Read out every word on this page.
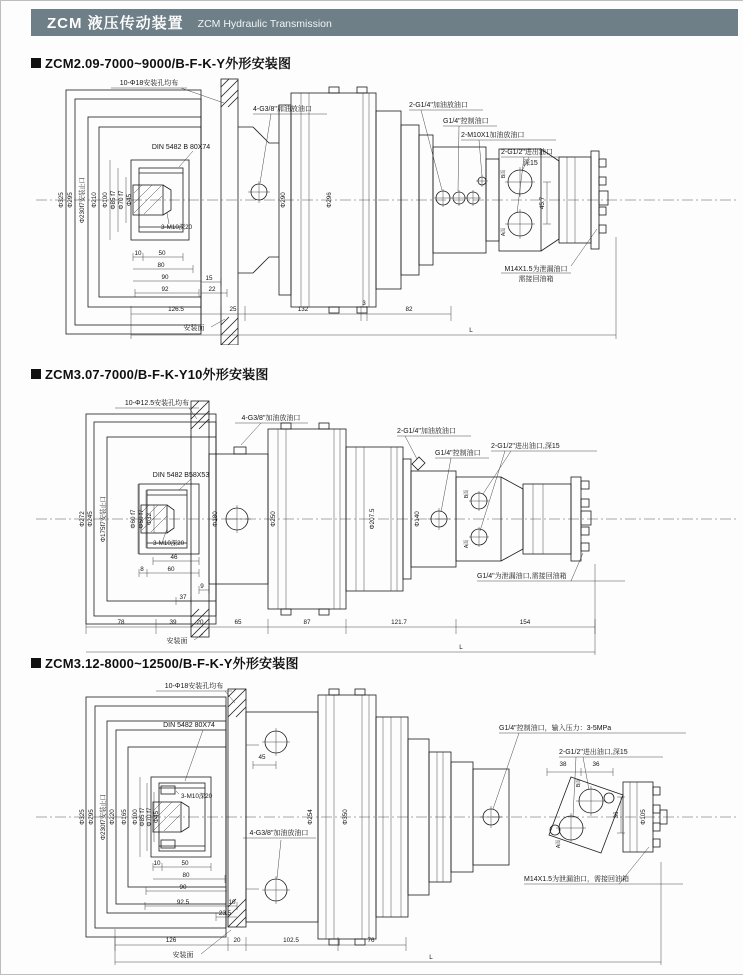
ZCM 液压传动装置 ZCM Hydraulic Transmission
ZCM2.09-7000~9000/B-F-K-Y外形安装图
Φ325 Φ295 Φ230f7安装止口 Φ210 Φ100 Φ85 f7 Φ70 f7 Φ45
DIN 5482 B 80X74
3-M10深20
10	50
80
90
92
15
22
10-Φ18安装孔均布
Φ290	Φ296
4-G3/8"加油放油口
2-G1/4"加油放油口
G1/4"控制油口
2-M10X1加油放油口
B面
A面
45.7
2-G1/2"进出油口
深15
M14X1.5为泄漏油口
需接回油箱
126.5	25	132
3
82
安装面	L
ZCM3.07-7000/B-F-K-Y10外形安装图
Φ272 Φ245 Φ175f7安装止口	Φ60 f7 Φ50 f7 Φ32
DIN 5482 B58X53
3-M10深20
46
8	60
9
37
10-Φ12.5安装孔均布
Φ180
4-G3/8"加油放油口
Φ250	Φ207.5	Φ140
2-G1/4"加油放油口
G1/4"控制油口
B面
A面
2-G1/2"进出油口,深15
G1/4"为泄漏油口,需接回油箱
78	39	20	65	87	121.7	154
安装面
L
ZCM3.12-8000~12500/B-F-K-Y外形安装图
Φ325 Φ295 Φ230f7安装止口 Φ220 Φ165 Φ100 Φ85 f7 Φ70 f7 Φ45
DIN 5482 80X74
3-M10深20
10	50
80
90
92.5	10
23.5
10-Φ18安装孔均布
45
4-G3/8"加油放油口
Φ254	Φ350
G1/4"控制油口，输入压力：3-5MPa
B面
A面
2-G1/2"进出油口,深15
38	36
36	Φ105
M14X1.5为泄漏油口，需接回油箱
126	20	102.5	76
安装面	L
